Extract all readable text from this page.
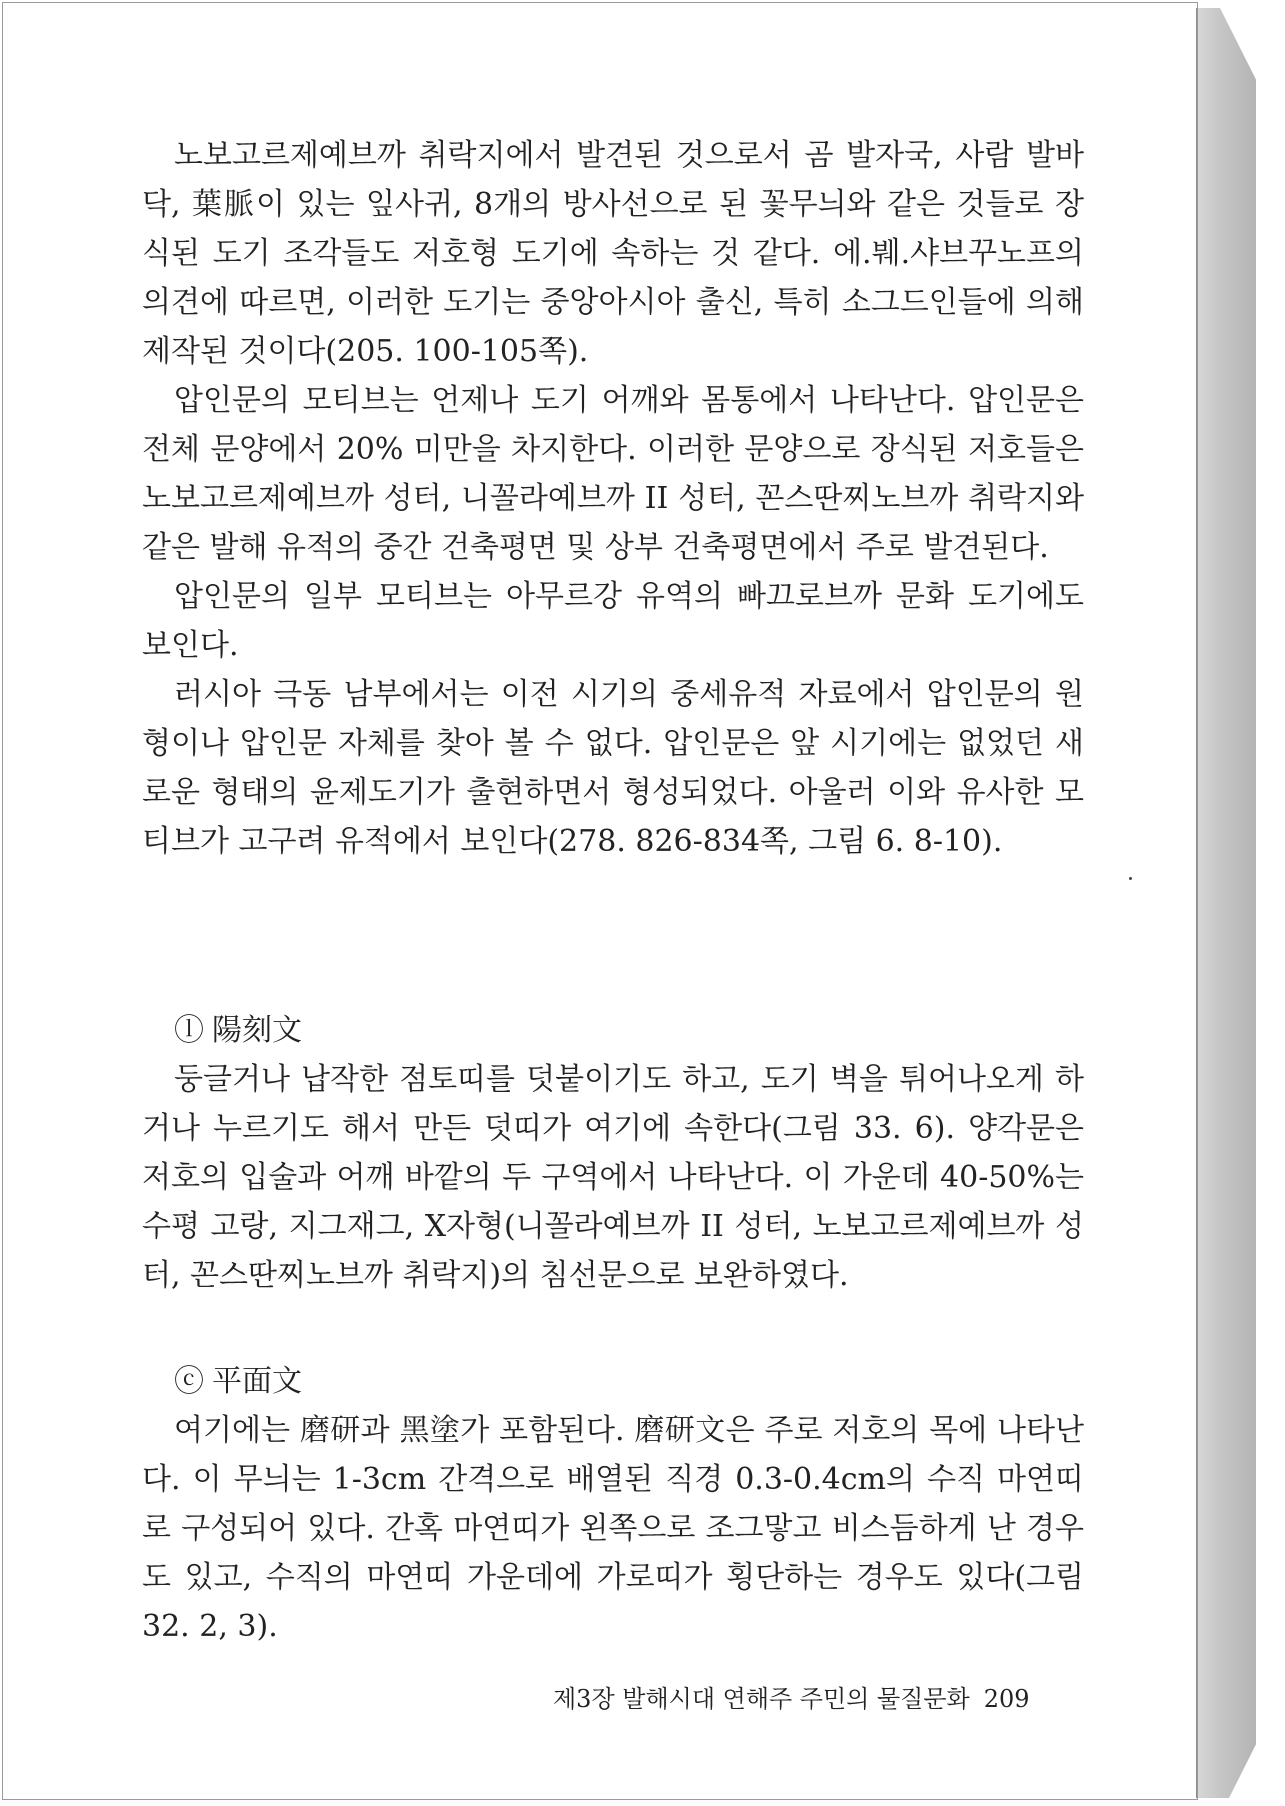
노보고르제예브까 취락지에서 발견된 것으로서 곰 발자국, 사람 발바닥, 葉脈이 있는 잎사귀, 8개의 방사선으로 된 꽃무늬와 같은 것들로 장식된 도기 조각들도 저호형 도기에 속하는 것 같다. 에.붸.샤브꾸노프의 의견에 따르면, 이러한 도기는 중앙아시아 출신, 특히 소그드인들에 의해 제작된 것이다(205. 100-105쪽).

압인문의 모티브는 언제나 도기 어깨와 몸통에서 나타난다. 압인문은 전체 문양에서 20% 미만을 차지한다. 이러한 문양으로 장식된 저호들은 노보고르제예브까 성터, 니꼴라예브까 II 성터, 꼰스딴찌노브까 취락지와 같은 발해 유적의 중간 건축평면 및 상부 건축평면에서 주로 발견된다.

압인문의 일부 모티브는 아무르강 유역의 빠끄로브까 문화 도기에도 보인다.

러시아 극동 남부에서는 이전 시기의 중세유적 자료에서 압인문의 원형이나 압인문 자체를 찾아 볼 수 없다. 압인문은 앞 시기에는 없었던 새로운 형태의 윤제도기가 출현하면서 형성되었다. 아울러 이와 유사한 모티브가 고구려 유적에서 보인다(278. 826-834쪽, 그림 6. 8-10).

ⓛ 陽刻文

둥글거나 납작한 점토띠를 덧붙이기도 하고, 도기 벽을 튀어나오게 하거나 누르기도 해서 만든 덧띠가 여기에 속한다(그림 33. 6). 양각문은 저호의 입술과 어깨 바깥의 두 구역에서 나타난다. 이 가운데 40-50%는 수평 고랑, 지그재그, X자형(니꼴라예브까 II 성터, 노보고르제예브까 성터, 꼰스딴찌노브까 취락지)의 침선문으로 보완하였다.

ⓒ 平面文

여기에는 磨研과 黑塗가 포함된다. 磨研文은 주로 저호의 목에 나타난다. 이 무늬는 1-3cm 간격으로 배열된 직경 0.3-0.4cm의 수직 마연띠로 구성되어 있다. 간혹 마연띠가 왼쪽으로 조그맣고 비스듬하게 난 경우도 있고, 수직의 마연띠 가운데에 가로띠가 횡단하는 경우도 있다(그림 32. 2, 3).

제3장 발해시대 연해주 주민의 물질문화 209
